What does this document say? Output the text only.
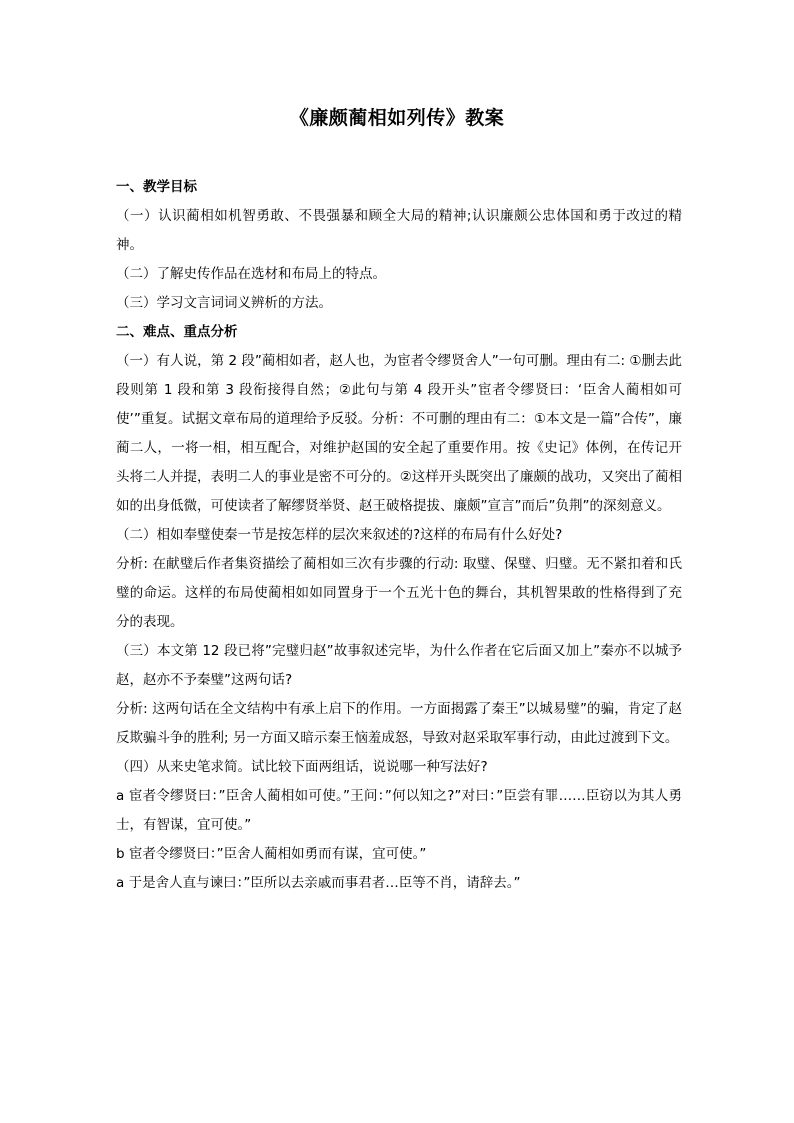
《廉颇蔺相如列传》教案

一、教学目标

（一）认识蔺相如机智勇敢、不畏强暴和顾全大局的精神;认识廉颇公忠体国和勇于改过的精神。

（二）了解史传作品在选材和布局上的特点。

（三）学习文言词词义辨析的方法。

二、难点、重点分析

（一）有人说，第 2 段”蔺相如者，赵人也，为宦者令缪贤舍人”一句可删。理由有二: ①删去此段则第 1 段和第 3 段衔接得自然；②此句与第 4 段开头”宦者令缪贤曰：‘臣舍人蔺相如可使’”重复。试据文章布局的道理给予反驳。分析：不可删的理由有二：①本文是一篇”合传”，廉蔺二人，一将一相，相互配合，对维护赵国的安全起了重要作用。按《史记》体例，在传记开头将二人并提，表明二人的事业是密不可分的。②这样开头既突出了廉颇的战功，又突出了蔺相如的出身低微，可使读者了解缪贤举贤、赵王破格提拔、廉颇”宣言”而后”负荆”的深刻意义。

（二）相如奉璧使秦一节是按怎样的层次来叙述的?这样的布局有什么好处?

分析: 在献璧后作者集资描绘了蔺相如三次有步骤的行动: 取璧、保璧、归璧。无不紧扣着和氏璧的命运。这样的布局使蔺相如如同置身于一个五光十色的舞台，其机智果敢的性格得到了充分的表现。

（三）本文第 12 段已将”完璧归赵”故事叙述完毕，为什么作者在它后面又加上”秦亦不以城予赵，赵亦不予秦璧”这两句话?

分析: 这两句话在全文结构中有承上启下的作用。一方面揭露了秦王”以城易璧”的骗，肯定了赵反欺骗斗争的胜利; 另一方面又暗示秦王恼羞成怒，导致对赵采取军事行动，由此过渡到下文。

（四）从来史笔求简。试比较下面两组话，说说哪一种写法好?

a 宦者令缪贤曰：”臣舍人蔺相如可使。”王问：”何以知之?”对曰：”臣尝有罪……臣窃以为其人勇士，有智谋，宜可使。”

b 宦者令缪贤曰：”臣舍人蔺相如勇而有谋，宜可使。”

a 于是舍人直与谏曰：”臣所以去亲戚而事君者…臣等不肖，请辞去。”
